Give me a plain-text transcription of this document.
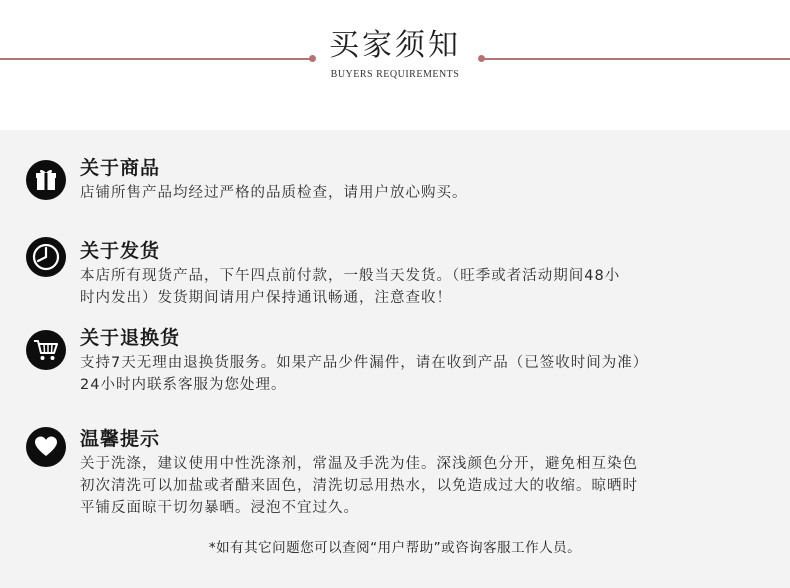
买家须知
BUYERS REQUIREMENTS
关于商品
店铺所售产品均经过严格的品质检查，请用户放心购买。
关于发货
本店所有现货产品，下午四点前付款，一般当天发货。（旺季或者活动期间48小
时内发出）发货期间请用户保持通讯畅通，注意查收！
关于退换货
支持7天无理由退换货服务。如果产品少件漏件，请在收到产品（已签收时间为准）
24小时内联系客服为您处理。
温馨提示
关于洗涤，建议使用中性洗涤剂，常温及手洗为佳。深浅颜色分开，避免相互染色
初次清洗可以加盐或者醋来固色，清洗切忌用热水，以免造成过大的收缩。晾晒时
平铺反面晾干切勿暴晒。浸泡不宜过久。
*如有其它问题您可以查阅“用户帮助”或咨询客服工作人员。
